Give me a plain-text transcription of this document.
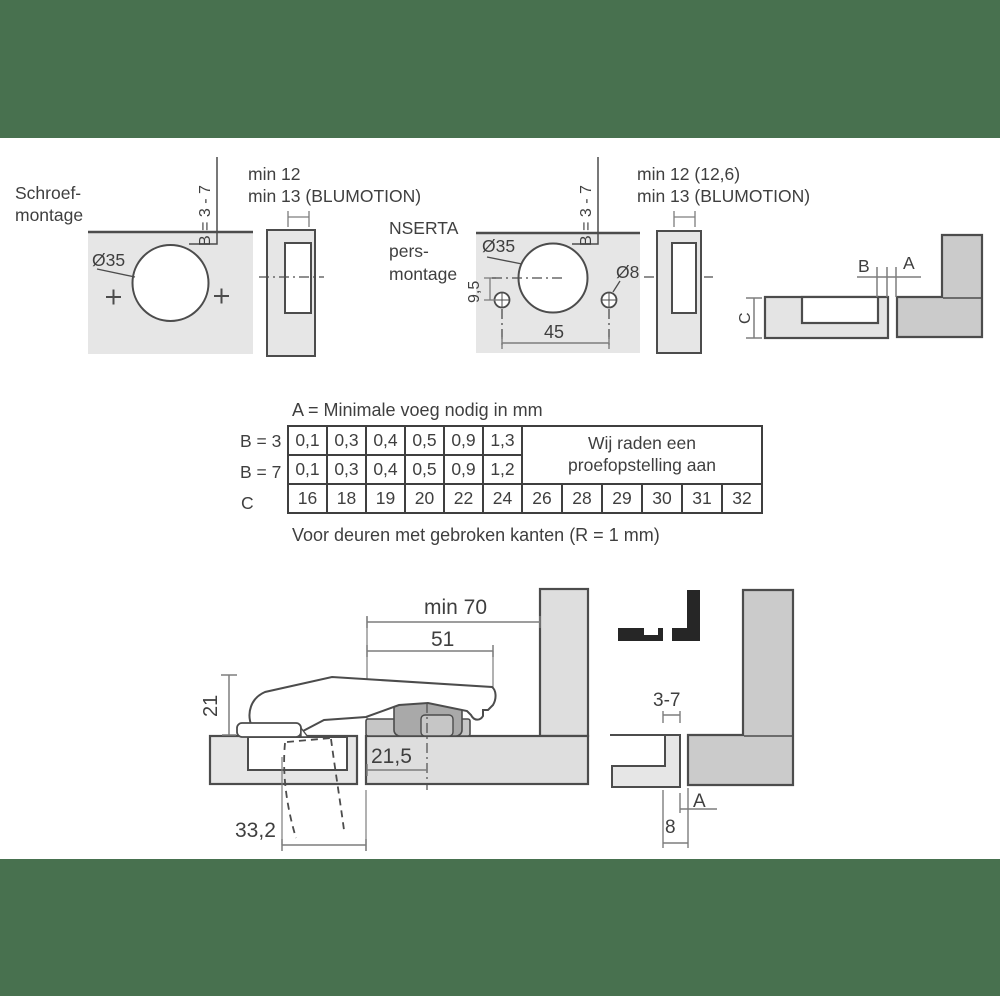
Schroef-
montage
Ø35
B = 3 - 7
min 12
min 13 (BLUMOTION)
NSERTA
pers-
montage
Ø35
Ø8
9,5
45
B = 3 - 7
min 12 (12,6)
min 13 (BLUMOTION)
B A
C
A = Minimale voeg nodig in mm
B = 3
B = 7
C
0,1	0,3	0,4	0,5	0,9	1,3	Wij raden een proefopstelling aan					
0,1	0,3	0,4	0,5	0,9	1,2						
16	18	19	20	22	24	26	28	29	30	31	32
Voor deuren met gebroken kanten (R = 1 mm)
min 70
51
21
21,5
33,2
3-7
A
8
